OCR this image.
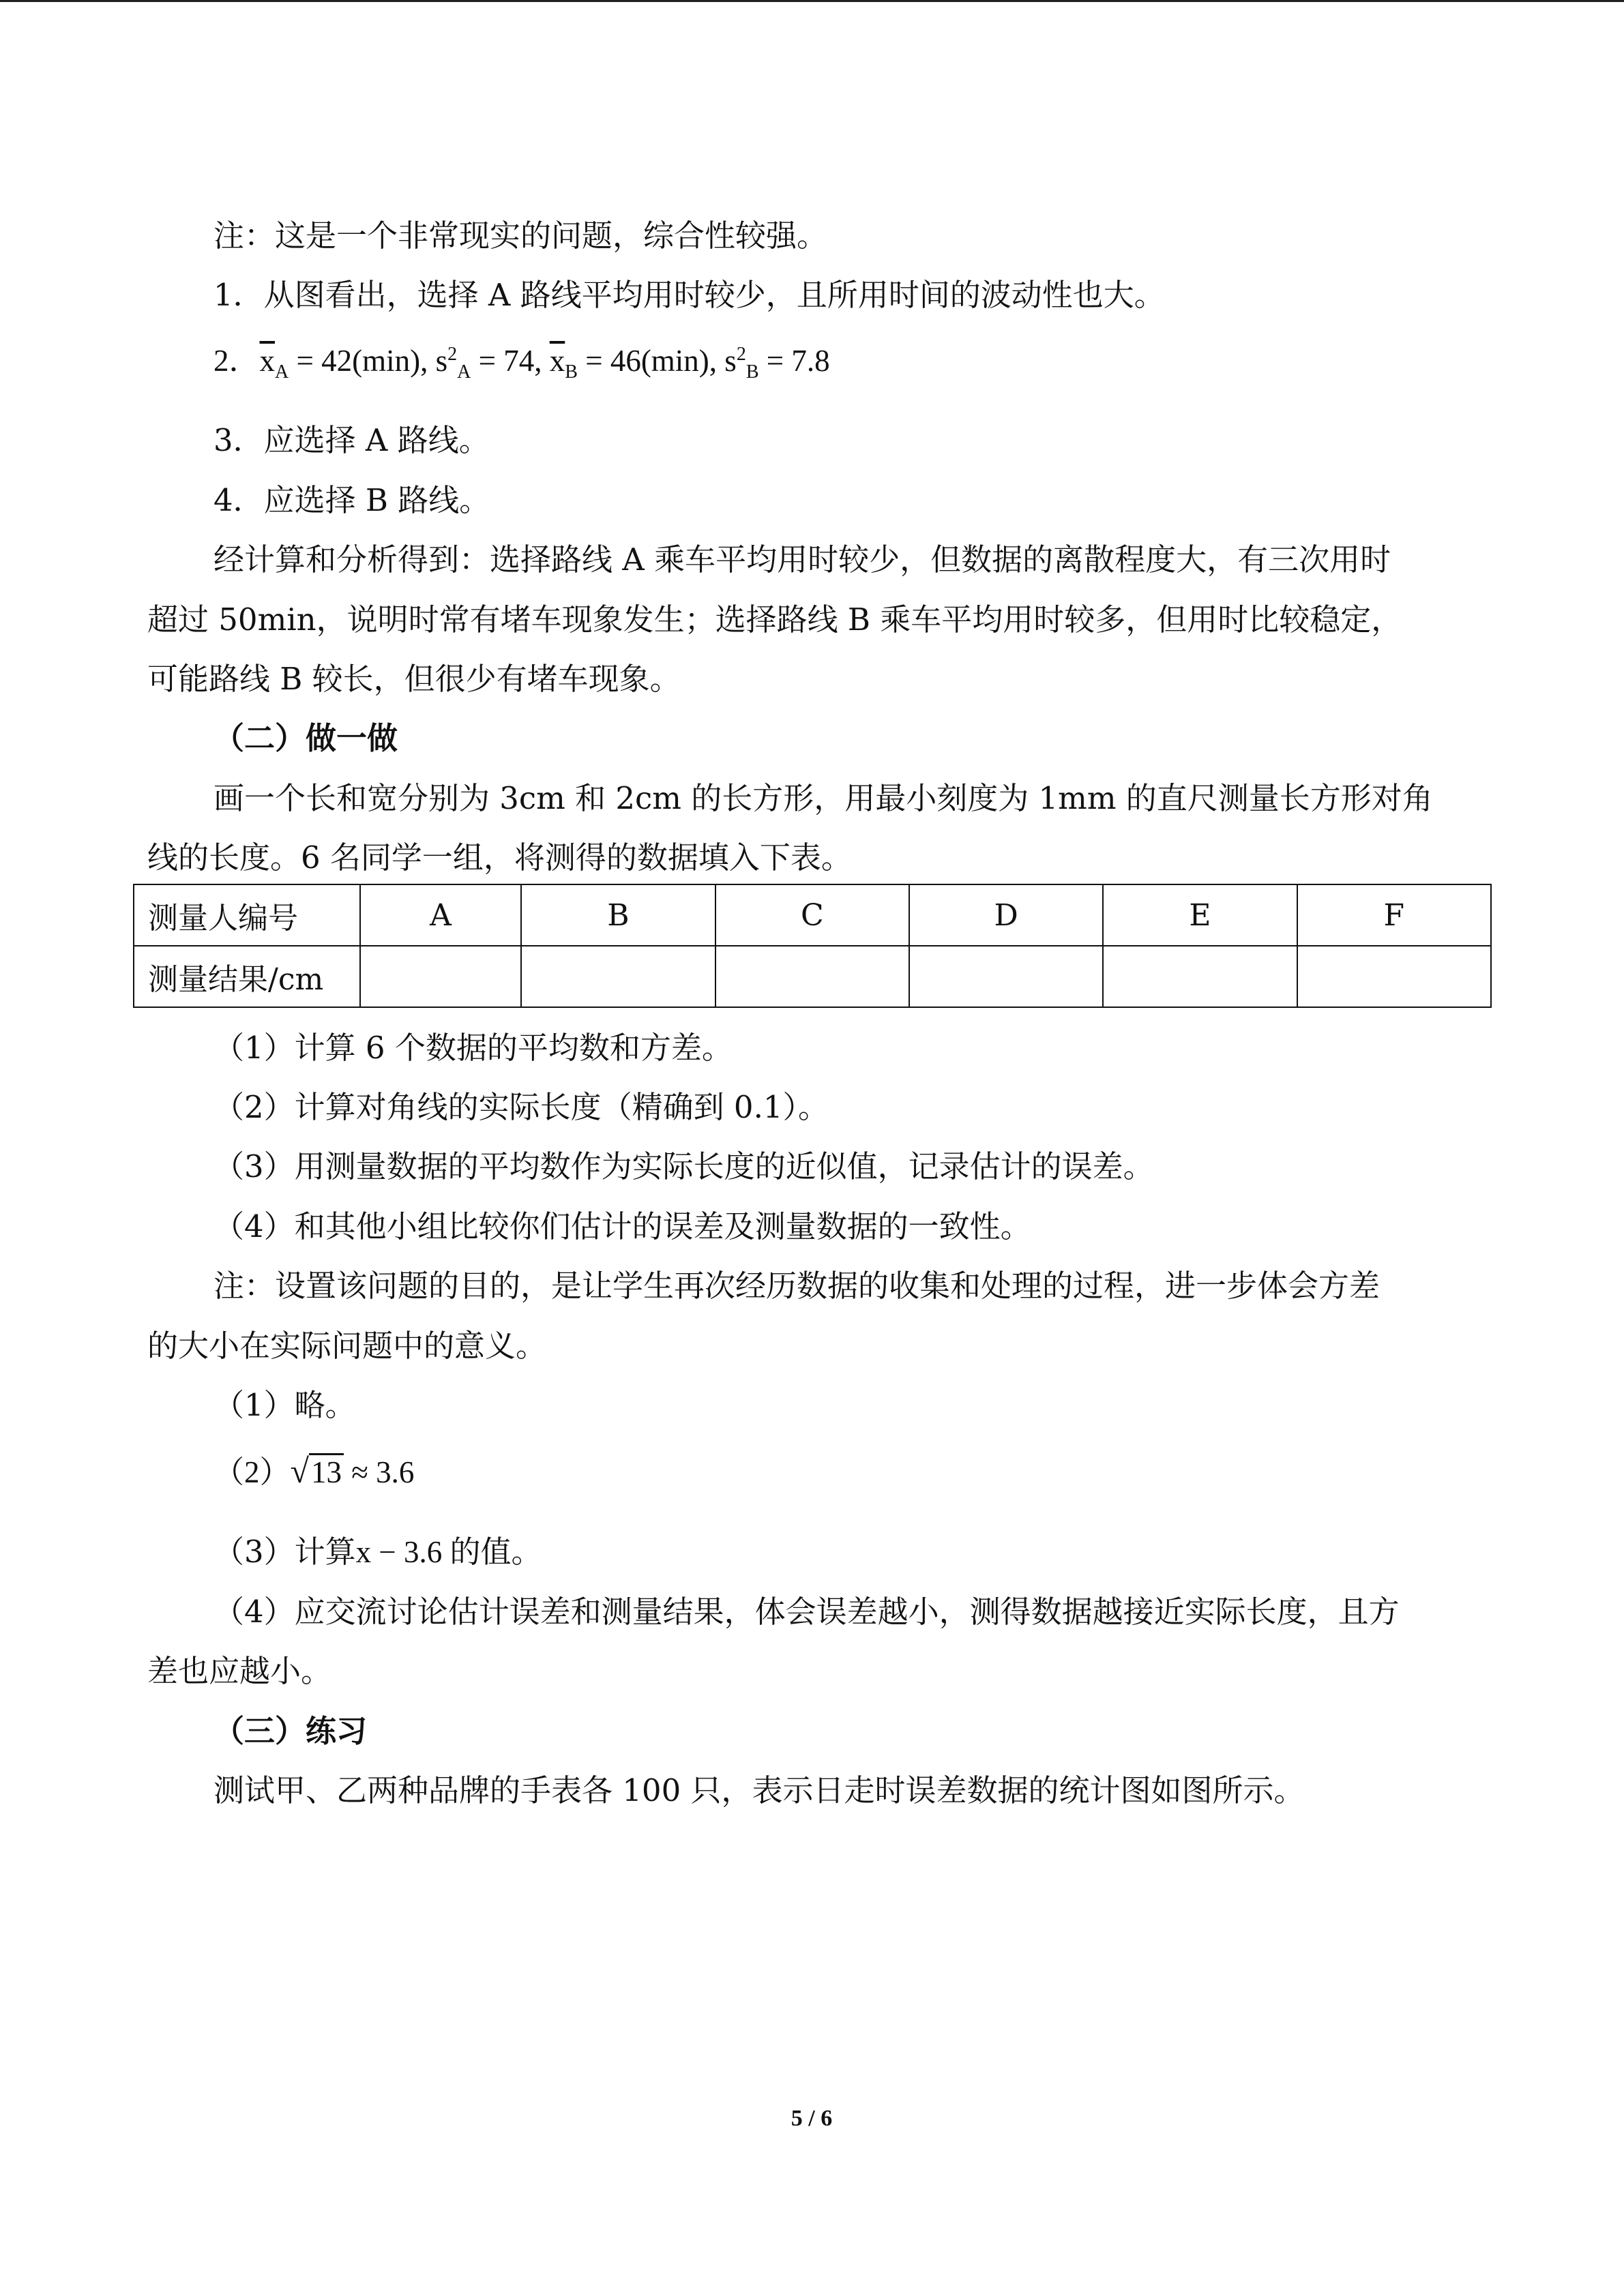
注：这是一个非常现实的问题，综合性较强。
1．从图看出，选择 A 路线平均用时较少，且所用时间的波动性也大。
2．$\overline{x}_A = 42(\min)$, $s^2_A = 74$, $\overline{x}_B = 46(\min)$, $s^2_B = 7.8$
3．应选择 A 路线。
4．应选择 B 路线。
经计算和分析得到：选择路线 A 乘车平均用时较少，但数据的离散程度大，有三次用时
超过 50min，说明时常有堵车现象发生；选择路线 B 乘车平均用时较多，但用时比较稳定，
可能路线 B 较长，但很少有堵车现象。
（二）做一做
画一个长和宽分别为 3cm 和 2cm 的长方形，用最小刻度为 1mm 的直尺测量长方形对角
线的长度。6 名同学一组，将测得的数据填入下表。
测量人编号	A	B	C	D	E	F
测量结果/cm						
（1）计算 6 个数据的平均数和方差。
（2）计算对角线的实际长度（精确到 0.1）。
（3）用测量数据的平均数作为实际长度的近似值，记录估计的误差。
（4）和其他小组比较你们估计的误差及测量数据的一致性。
注：设置该问题的目的，是让学生再次经历数据的收集和处理的过程，进一步体会方差
的大小在实际问题中的意义。
（1）略。
（2）√13 ≈ 3.6
（3）计算x − 3.6 的值。
（4）应交流讨论估计误差和测量结果，体会误差越小，测得数据越接近实际长度，且方
差也应越小。
（三）练习
测试甲、乙两种品牌的手表各 100 只，表示日走时误差数据的统计图如图所示。
5 / 6
